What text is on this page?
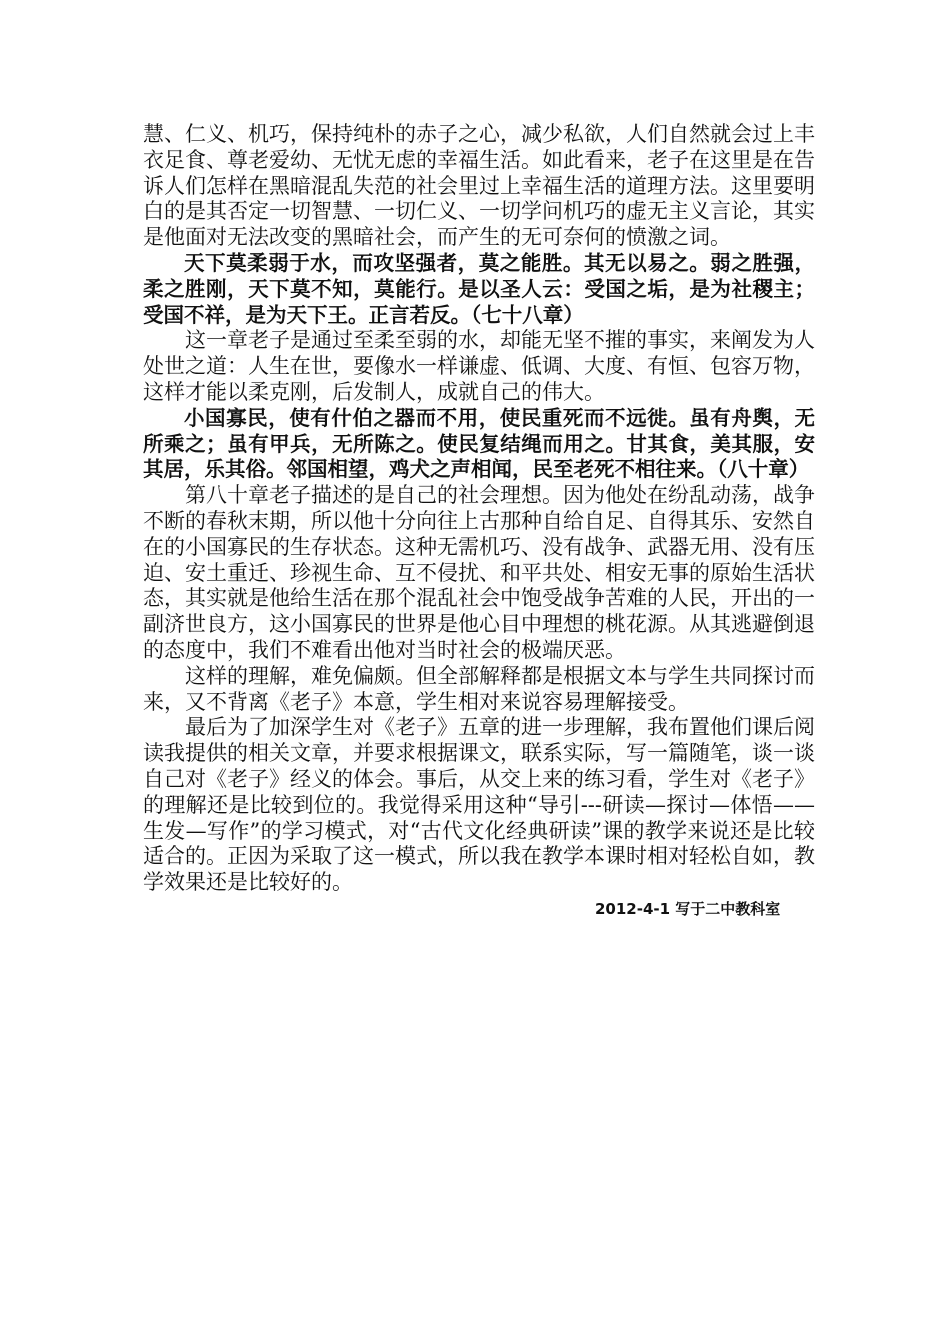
慧、仁义、机巧，保持纯朴的赤子之心，减少私欲，人们自然就会过上丰衣足食、尊老爱幼、无忧无虑的幸福生活。如此看来，老子在这里是在告诉人们怎样在黑暗混乱失范的社会里过上幸福生活的道理方法。这里要明白的是其否定一切智慧、一切仁义、一切学问机巧的虚无主义言论，其实是他面对无法改变的黑暗社会，而产生的无可奈何的愤激之词。

天下莫柔弱于水，而攻坚强者，莫之能胜。其无以易之。弱之胜强，柔之胜刚，天下莫不知，莫能行。是以圣人云：受国之垢，是为社稷主；受国不祥，是为天下王。正言若反。（七十八章）

这一章老子是通过至柔至弱的水，却能无坚不摧的事实，来阐发为人处世之道：人生在世，要像水一样谦虚、低调、大度、有恒、包容万物，这样才能以柔克刚，后发制人，成就自己的伟大。

小国寡民，使有什伯之器而不用，使民重死而不远徙。虽有舟舆，无所乘之；虽有甲兵，无所陈之。使民复结绳而用之。甘其食，美其服，安其居，乐其俗。邻国相望，鸡犬之声相闻，民至老死不相往来。（八十章）

第八十章老子描述的是自己的社会理想。因为他处在纷乱动荡，战争不断的春秋末期，所以他十分向往上古那种自给自足、自得其乐、安然自在的小国寡民的生存状态。这种无需机巧、没有战争、武器无用、没有压迫、安土重迁、珍视生命、互不侵扰、和平共处、相安无事的原始生活状态，其实就是他给生活在那个混乱社会中饱受战争苦难的人民，开出的一副济世良方，这小国寡民的世界是他心目中理想的桃花源。从其逃避倒退的态度中，我们不难看出他对当时社会的极端厌恶。

这样的理解，难免偏颇。但全部解释都是根据文本与学生共同探讨而来，又不背离《老子》本意，学生相对来说容易理解接受。

最后为了加深学生对《老子》五章的进一步理解，我布置他们课后阅读我提供的相关文章，并要求根据课文，联系实际，写一篇随笔，谈一谈自己对《老子》经义的体会。事后，从交上来的练习看，学生对《老子》的理解还是比较到位的。我觉得采用这种“导引---研读—探讨—体悟——生发—写作”的学习模式，对“古代文化经典研读”课的教学来说还是比较适合的。正因为采取了这一模式，所以我在教学本课时相对轻松自如，教学效果还是比较好的。

2012-4-1 写于二中教科室
